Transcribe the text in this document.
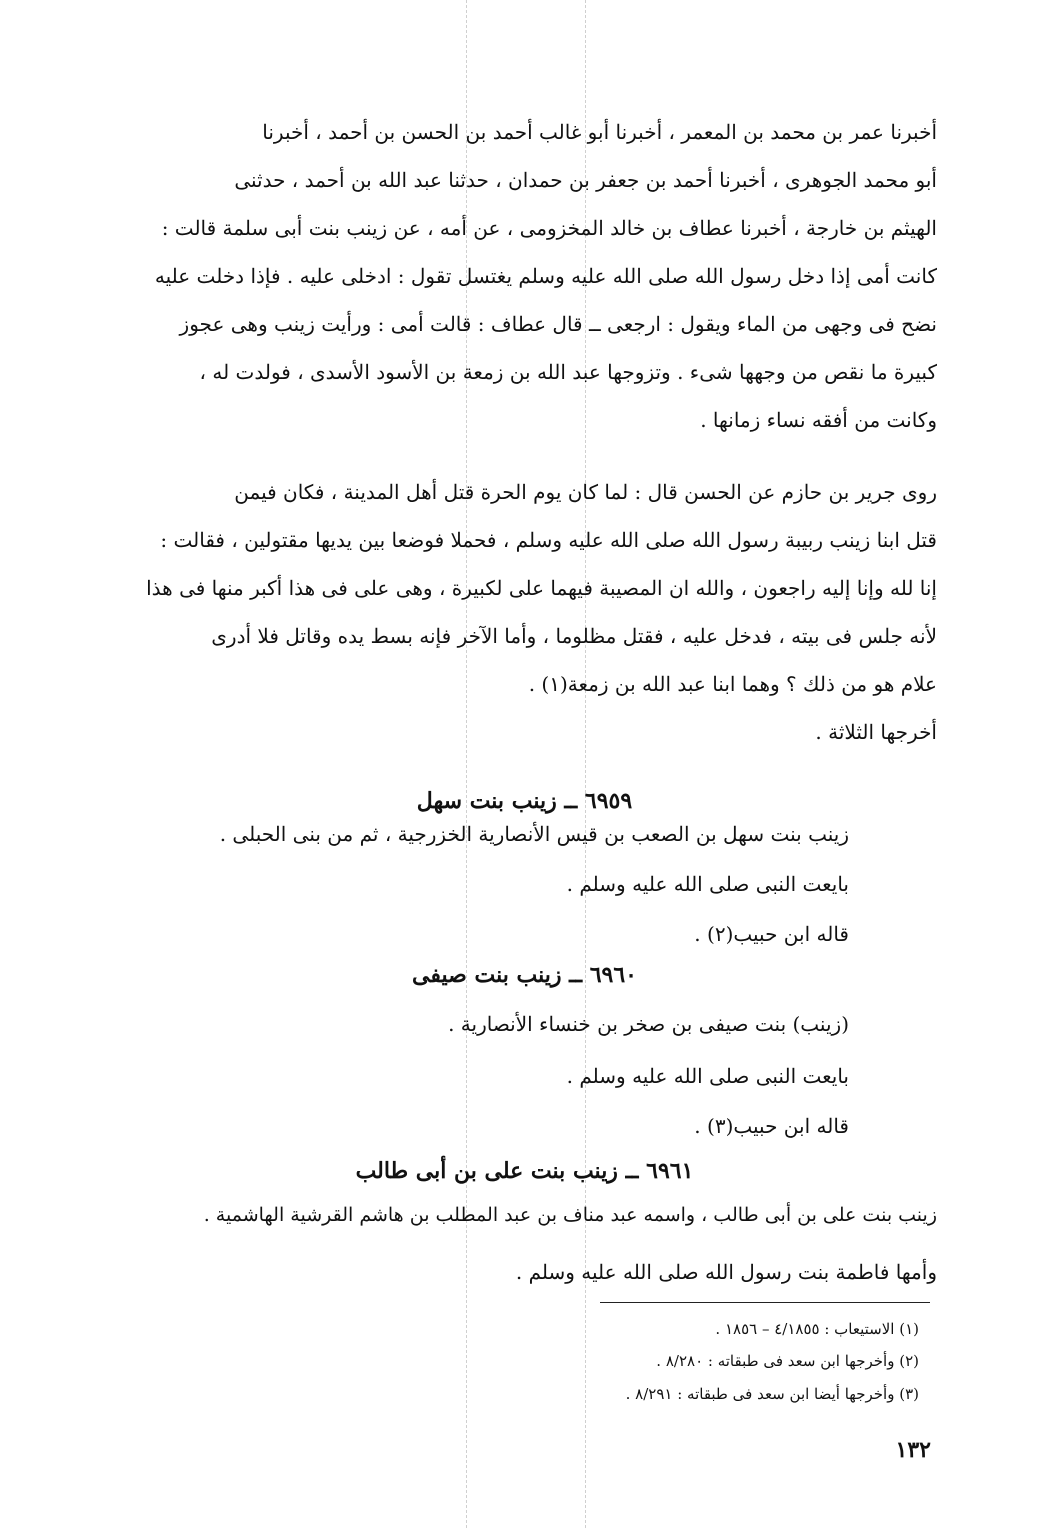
أخبرنا عمر بن محمد بن المعمر ، أخبرنا أبو غالب أحمد بن الحسن بن أحمد ، أخبرنا
أبو محمد الجوهرى ، أخبرنا أحمد بن جعفر بن حمدان ، حدثنا عبد الله بن أحمد ، حدثنى
الهيثم بن خارجة ، أخبرنا عطاف بن خالد المخزومى ، عن أمه ، عن زينب بنت أبى سلمة قالت :
كانت أمى إذا دخل رسول الله صلى الله عليه وسلم يغتسل تقول : ادخلى عليه . فإذا دخلت عليه
نضح فى وجهى من الماء ويقول : ارجعى ــ قال عطاف : قالت أمى : ورأيت زينب وهى عجوز
كبيرة ما نقص من وجهها شىء . وتزوجها عبد الله بن زمعة بن الأسود الأسدى ، فولدت له ،
وكانت من أفقه نساء زمانها .
روى جرير بن حازم عن الحسن قال : لما كان يوم الحرة قتل أهل المدينة ، فكان فيمن
قتل ابنا زينب ربيبة رسول الله صلى الله عليه وسلم ، فحملا فوضعا بين يديها مقتولين ، فقالت :
إنا لله وإنا إليه راجعون ، والله ان المصيبة فيهما على لكبيرة ، وهى على فى هذا أكبر منها فى هذا
لأنه جلس فى بيته ، فدخل عليه ، فقتل مظلوما ، وأما الآخر فإنه بسط يده وقاتل فلا أدرى
علام هو من ذلك ؟ وهما ابنا عبد الله بن زمعة(١) .
أخرجها الثلاثة .
٦٩٥٩ ــ زينب بنت سهل
زينب بنت سهل بن الصعب بن قيس الأنصارية الخزرجية ، ثم من بنى الحبلى .
بايعت النبى صلى الله عليه وسلم .
قاله ابن حبيب(٢) .
٦٩٦٠ ــ زينب بنت صيفى
(زينب) بنت صيفى بن صخر بن خنساء الأنصارية .
بايعت النبى صلى الله عليه وسلم .
قاله ابن حبيب(٣) .
٦٩٦١ ــ زينب بنت على بن أبى طالب
زينب بنت على بن أبى طالب ، واسمه عبد مناف بن عبد المطلب بن هاشم القرشية الهاشمية .
وأمها فاطمة بنت رسول الله صلى الله عليه وسلم .
(١) الاستيعاب : ٤/١٨٥٥ – ١٨٥٦ .
(٢) وأخرجها ابن سعد فى طبقاته : ٨/٢٨٠ .
(٣) وأخرجها أيضا ابن سعد فى طبقاته : ٨/٢٩١ .
١٣٢
